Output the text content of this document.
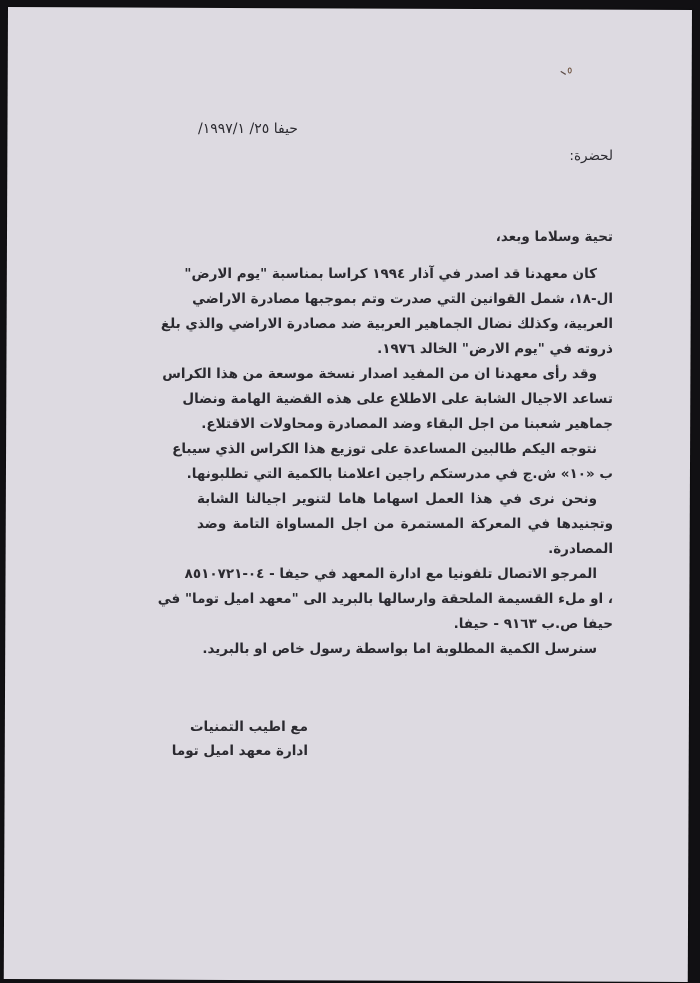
حيفا ٢٥/ ١٩٩٧/١/
لحضرة:
تحية وسلاما وبعد،
كان معهدنا قد اصدر في آذار ١٩٩٤ كراسا بمناسبة "يوم الارض"
ال-١٨، شمل القوانين التي صدرت وتم بموجبها مصادرة الاراضي
العربية، وكذلك نضال الجماهير العربية ضد مصادرة الاراضي والذي بلغ
ذروته في "يوم الارض" الخالد ١٩٧٦.
وقد رأى معهدنا ان من المفيد اصدار نسخة موسعة من هذا الكراس
تساعد الاجيال الشابة على الاطلاع على هذه القضية الهامة ونضال
جماهير شعبنا من اجل البقاء وضد المصادرة ومحاولات الاقتلاع.
نتوجه اليكم طالبين المساعدة على توزيع هذا الكراس الذي سيباع
ب «١٠» ش.ج في مدرستكم راجين اعلامنا بالكمية التي تطلبونها.
ونحن نرى في هذا العمل اسهاما هاما لتنوير اجيالنا الشابة
وتجنيدها في المعركة المستمرة من اجل المساواة التامة وضد
المصادرة.
المرجو الاتصال تلفونيا مع ادارة المعهد في حيفا - ٠٤-٨٥١٠٧٢١
، او ملء القسيمة الملحقة وارسالها بالبريد الى "معهد اميل توما" في
حيفا ص.ب ٩١٦٣ - حيفا.
سنرسل الكمية المطلوبة اما بواسطة رسول خاص او بالبريد.
مع اطيب التمنيات
ادارة معهد اميل توما
